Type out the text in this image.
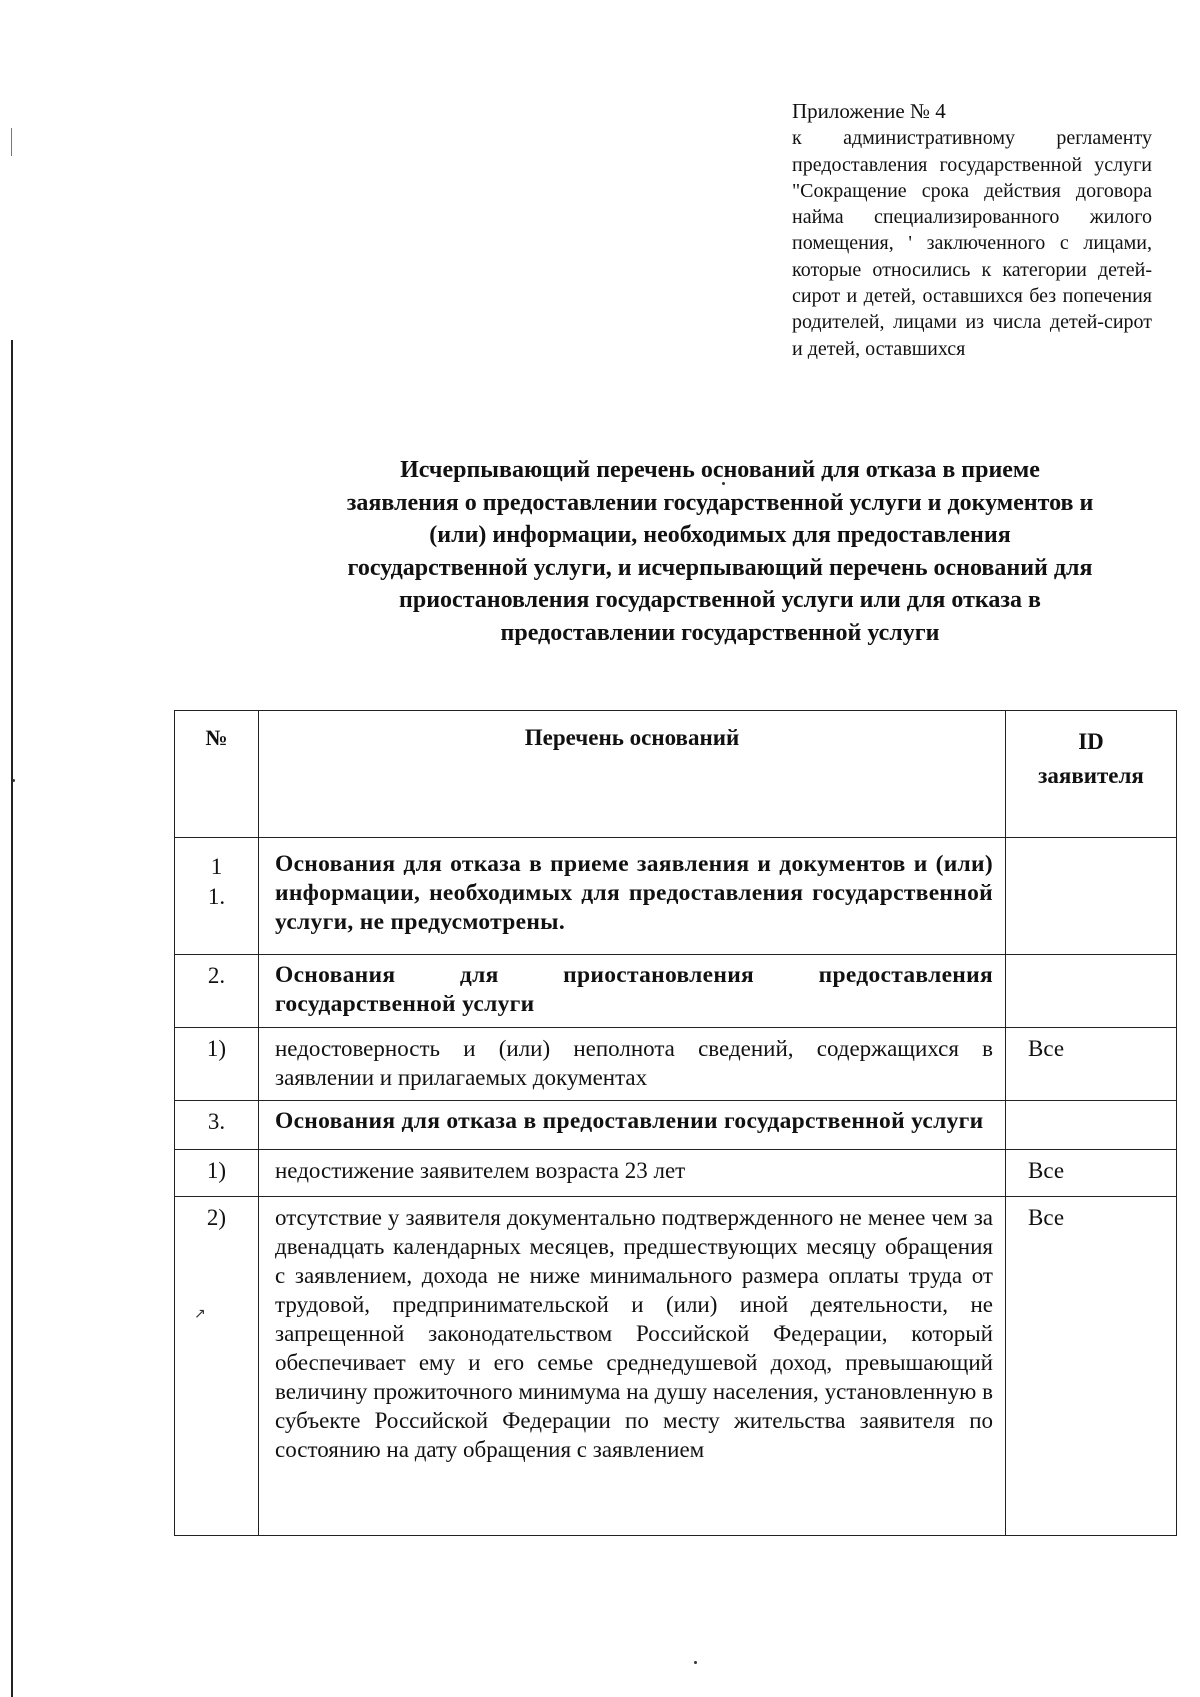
↗
Приложение № 4
к административному регламенту предоставления государственной услуги "Сокращение срока действия договора найма специализированного жилого помещения, ' заключенного с лицами, которые относились к категории детей-сирот и детей, оставшихся без попечения родителей, лицами из числа детей-сирот и детей, оставшихся

Исчерпывающий перечень оснований для отказа в приеме

заявления о предоставлении государственной услуги и документов и

(или) информации, необходимых для предоставления

государственной услуги, и исчерпывающий перечень оснований для

приостановления государственной услуги или для отказа в

предоставлении государственной услуги

№	Перечень оснований	ID
заявителя

1
1.	Основания для отказа в приеме заявления и документов и (или) информации, необходимых для предоставления государственной услуги, не предусмотрены.	
2.	Основания для приостановления предоставления государственной услуги	
1)	недостоверность и (или) неполнота сведений, содержащихся в заявлении и прилагаемых документах	Все
3.	Основания для отказа в предоставлении государственной услуги	
1)	недостижение заявителем возраста 23 лет	Все
2)	отсутствие у заявителя документально подтвержденного не менее чем за двенадцать календарных месяцев, предшествующих месяцу обращения с заявлением, дохода не ниже минимального размера оплаты труда от трудовой, предпринимательской и (или) иной деятельности, не запрещенной законодательством Российской Федерации, который обеспечивает ему и его семье среднедушевой доход, превышающий величину прожиточного минимума на душу населения, установленную в субъекте Российской Федерации по месту жительства заявителя по состоянию на дату обращения с заявлением	Все
